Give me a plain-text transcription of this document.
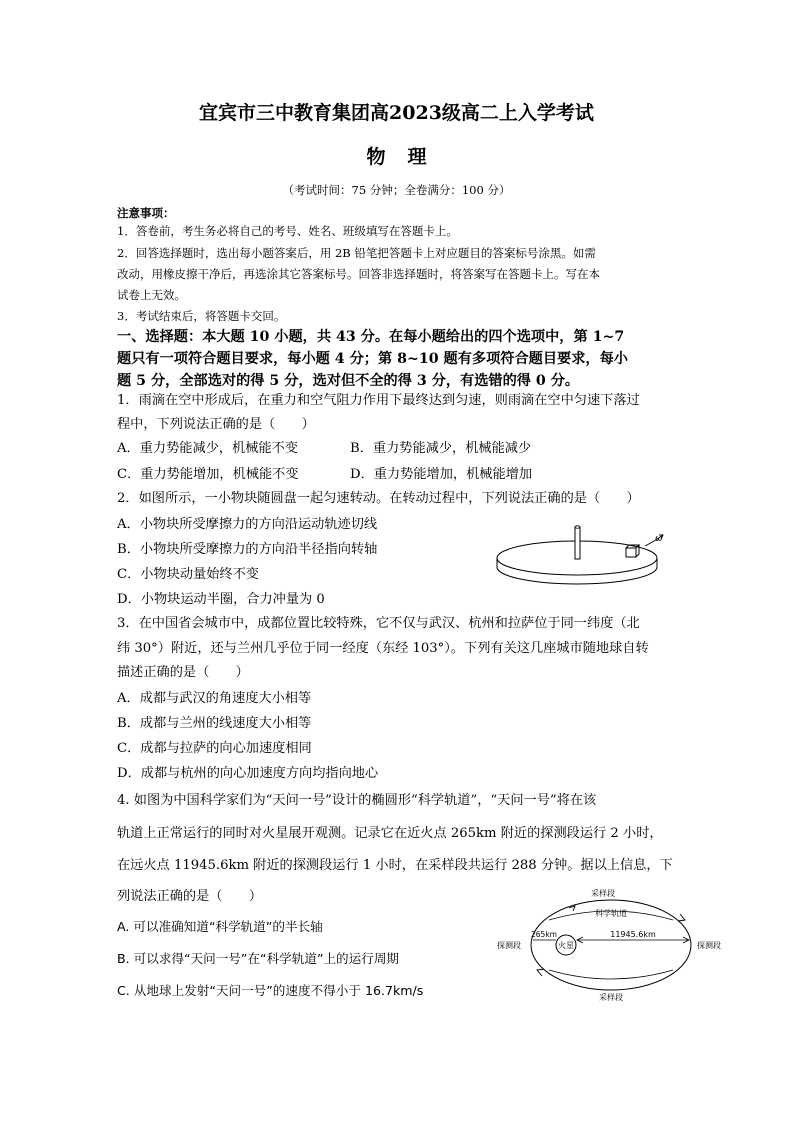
宜宾市三中教育集团高2023级高二上入学考试
物理
（考试时间：75 分钟；全卷满分：100 分）
注意事项：
1．答卷前，考生务必将自己的考号、姓名、班级填写在答题卡上。
2．回答选择题时，选出每小题答案后，用 2B 铅笔把答题卡上对应题目的答案标号涂黑。如需
改动，用橡皮擦干净后，再选涂其它答案标号。回答非选择题时，将答案写在答题卡上。写在本
试卷上无效。
3．考试结束后，将答题卡交回。
一、选择题：本大题 10 小题，共 43 分。在每小题给出的四个选项中，第 1~7
题只有一项符合题目要求，每小题 4 分；第 8~10 题有多项符合题目要求，每小
题 5 分，全部选对的得 5 分，选对但不全的得 3 分，有选错的得 0 分。
1．雨滴在空中形成后，在重力和空气阻力作用下最终达到匀速，则雨滴在空中匀速下落过
程中，下列说法正确的是（　　）
A．重力势能减少，机械能不变	B．重力势能减少，机械能减少
C．重力势能增加，机械能不变	D．重力势能增加，机械能增加
2．如图所示，一小物块随圆盘一起匀速转动。在转动过程中，下列说法正确的是（　　）
A．小物块所受摩擦力的方向沿运动轨迹切线
B．小物块所受摩擦力的方向沿半径指向转轴
C．小物块动量始终不变
D．小物块运动半圈，合力冲量为 0
ω
3．在中国省会城市中，成都位置比较特殊，它不仅与武汉、杭州和拉萨位于同一纬度（北
纬 30°）附近，还与兰州几乎位于同一经度（东经 103°）。下列有关这几座城市随地球自转
描述正确的是（　　）
A．成都与武汉的角速度大小相等
B．成都与兰州的线速度大小相等
C．成都与拉萨的向心加速度相同
D．成都与杭州的向心加速度方向均指向地心
4. 如图为中国科学家们为“天问一号”设计的椭圆形“科学轨道”，“天问一号”将在该
轨道上正常运行的同时对火星展开观测。记录它在近火点 265km 附近的探测段运行 2 小时，
在远火点 11945.6km 附近的探测段运行 1 小时，在采样段共运行 288 分钟。据以上信息，下
列说法正确的是（　　）
A. 可以准确知道“科学轨道”的半长轴
B. 可以求得“天问一号”在“科学轨道”上的运行周期
C. 从地球上发射“天问一号”的速度不得小于 16.7km/s
采样段
科学轨道
火星
265km	11945.6km
探测段	探测段
采样段
